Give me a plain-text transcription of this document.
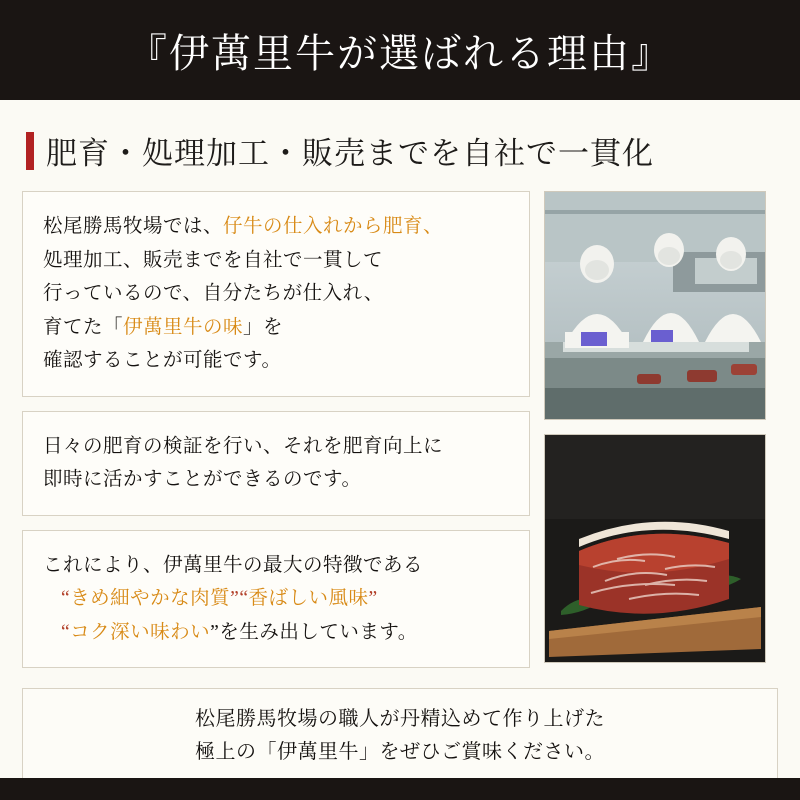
『伊萬里牛が選ばれる理由』
肥育・処理加工・販売までを自社で一貫化

松尾勝馬牧場では、仔牛の仕入れから肥育、

処理加工、販売までを自社で一貫して

行っているので、自分たちが仕入れ、

育てた「伊萬里牛の味」を

確認することが可能です。

日々の肥育の検証を行い、それを肥育向上に

即時に活かすことができるのです。

これにより、伊萬里牛の最大の特徴である

“きめ細やかな肉質”“香ばしい風味”

“コク深い味わい”を生み出しています。

松尾勝馬牧場の職人が丹精込めて作り上げた

極上の「伊萬里牛」をぜひご賞味ください。
